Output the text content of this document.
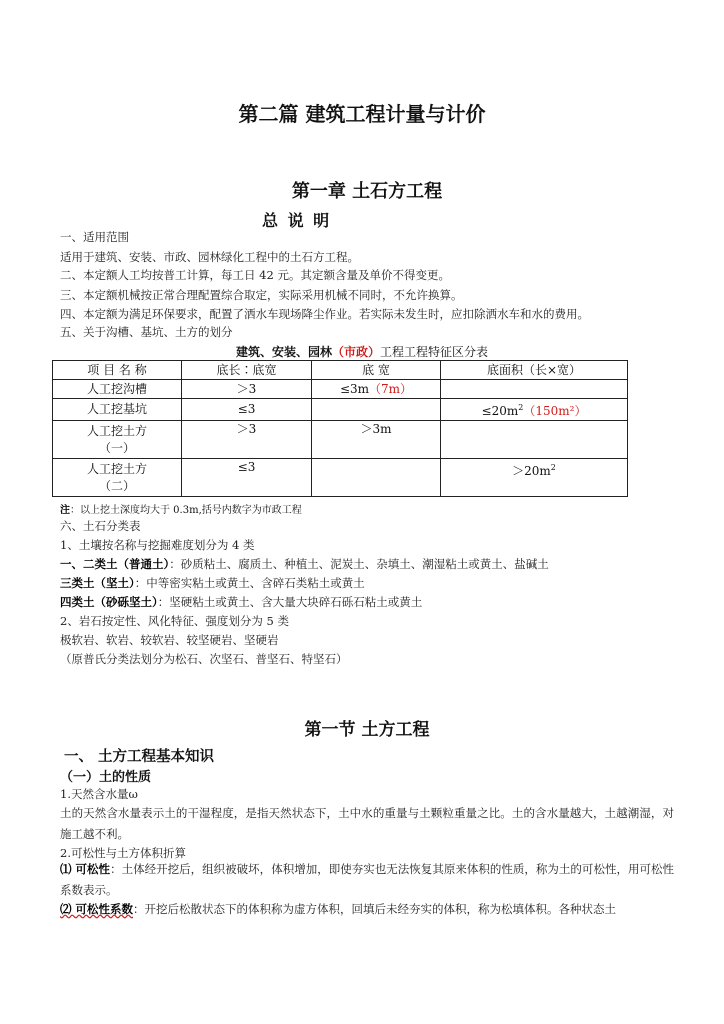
第二篇 建筑工程计量与计价
第一章 土石方工程
总 说 明
一、适用范围
适用于建筑、安装、市政、园林绿化工程中的土石方工程。
二、本定额人工均按普工计算，每工日 42 元。其定额含量及单价不得变更。
三、本定额机械按正常合理配置综合取定，实际采用机械不同时，不允许换算。
四、本定额为满足环保要求，配置了洒水车现场降尘作业。若实际未发生时，应扣除洒水车和水的费用。
五、关于沟槽、基坑、土方的划分
建筑、安装、园林（市政）工程工程特征区分表
项 目 名 称	底长∶底宽	底 宽	底面积（长×宽）
人工挖沟槽	＞3	≤3m（7m）	
人工挖基坑	≤3		$\le 20m^2(150m^2)$

人工挖土方
（一）	＞3	＞3m	

人工挖土方
（二）	≤3		$>20m^2$
注：以上挖土深度均大于 0.3m,括号内数字为市政工程
六、土石分类表
1、土壤按名称与挖掘难度划分为 4 类
一、二类土（普通土）：砂质粘土、腐质土、种植土、泥炭土、杂填土、潮湿粘土或黄土、盐碱土
三类土（坚土）：中等密实粘土或黄土、含碎石类粘土或黄土
四类土（砂砾坚土）：坚硬粘土或黄土、含大量大块碎石砾石粘土或黄土
2、岩石按定性、风化特征、强度划分为 5 类
极软岩、软岩、较软岩、较坚硬岩、坚硬岩
（原普氏分类法划分为松石、次坚石、普坚石、特坚石）
第一节 土方工程
一、 土方工程基本知识
（一）土的性质
1.天然含水量ω
土的天然含水量表示土的干湿程度，是指天然状态下，土中水的重量与土颗粒重量之比。土的含水量越大，土越潮湿，对施工越不利。
2.可松性与土方体积折算
⑴ 可松性：土体经开挖后，组织被破坏，体积增加，即使夯实也无法恢复其原来体积的性质，称为土的可松性，用可松性系数表示。
⑵ 可松性系数：开挖后松散状态下的体积称为虚方体积，回填后未经夯实的体积，称为松填体积。各种状态土
